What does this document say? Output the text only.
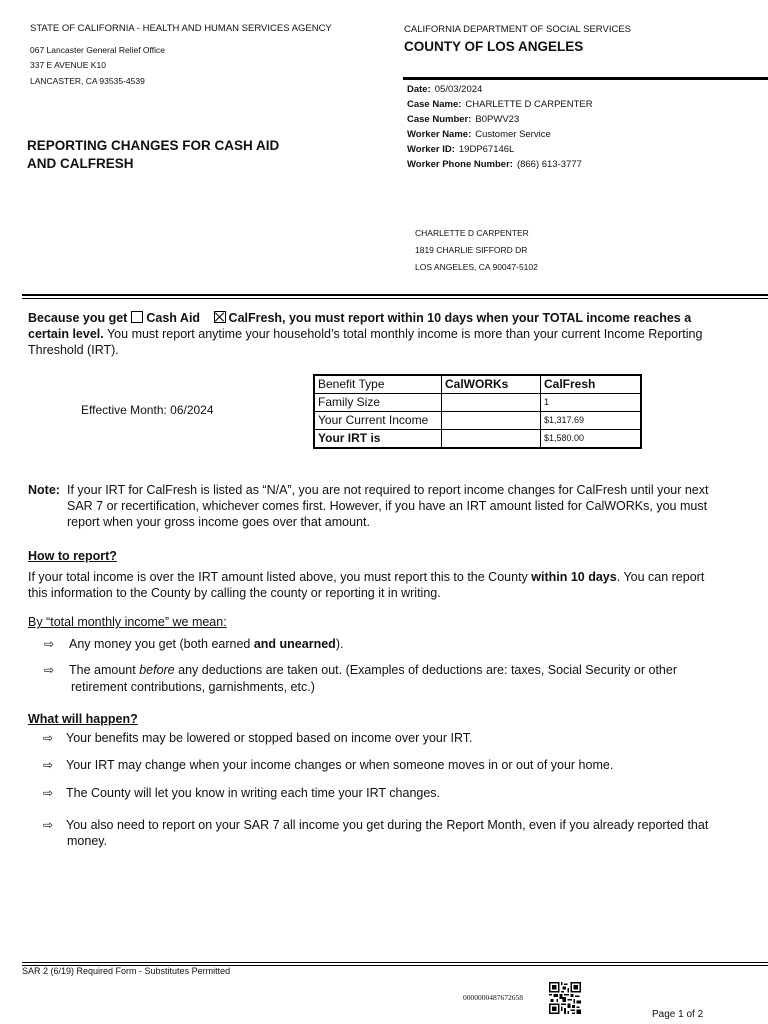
STATE OF CALIFORNIA - HEALTH AND HUMAN SERVICES AGENCY
067 Lancaster General Relief Office
337 E AVENUE K10
LANCASTER, CA 93535-4539
CALIFORNIA DEPARTMENT OF SOCIAL SERVICES
COUNTY OF LOS ANGELES
Date: 05/03/2024
Case Name: CHARLETTE D CARPENTER
Case Number: B0PWV23
Worker Name: Customer Service
Worker ID: 19DP67146L
Worker Phone Number: (866) 613-3777
REPORTING CHANGES FOR CASH AID
AND CALFRESH
CHARLETTE D CARPENTER
1819 CHARLIE SIFFORD DR
LOS ANGELES, CA 90047-5102
Because you get Cash Aid CalFresh, you must report within 10 days when your TOTAL income reaches a
certain level. You must report anytime your household’s total monthly income is more than your current Income Reporting
Threshold (IRT).
Effective Month: 06/2024
Benefit Type	CalWORKs	CalFresh
Family Size		1
Your Current Income		$1,317.69
Your IRT is		$1,580.00
Note: If your IRT for CalFresh is listed as “N/A”, you are not required to report income changes for CalFresh until your next
SAR 7 or recertification, whichever comes first. However, if you have an IRT amount listed for CalWORKs, you must
report when your gross income goes over that amount.
How to report?
If your total income is over the IRT amount listed above, you must report this to the County within 10 days. You can report
this information to the County by calling the county or reporting it in writing.
By “total monthly income” we mean:
⇨ Any money you get (both earned and unearned).
⇨ The amount before any deductions are taken out. (Examples of deductions are: taxes, Social Security or other
retirement contributions, garnishments, etc.)
What will happen?
⇨ Your benefits may be lowered or stopped based on income over your IRT.
⇨ Your IRT may change when your income changes or when someone moves in or out of your home.
⇨ The County will let you know in writing each time your IRT changes.
⇨ You also need to report on your SAR 7 all income you get during the Report Month, even if you already reported that
money.
SAR 2 (6/19) Required Form - Substitutes Permitted
0000000487672658
Page 1 of 2
